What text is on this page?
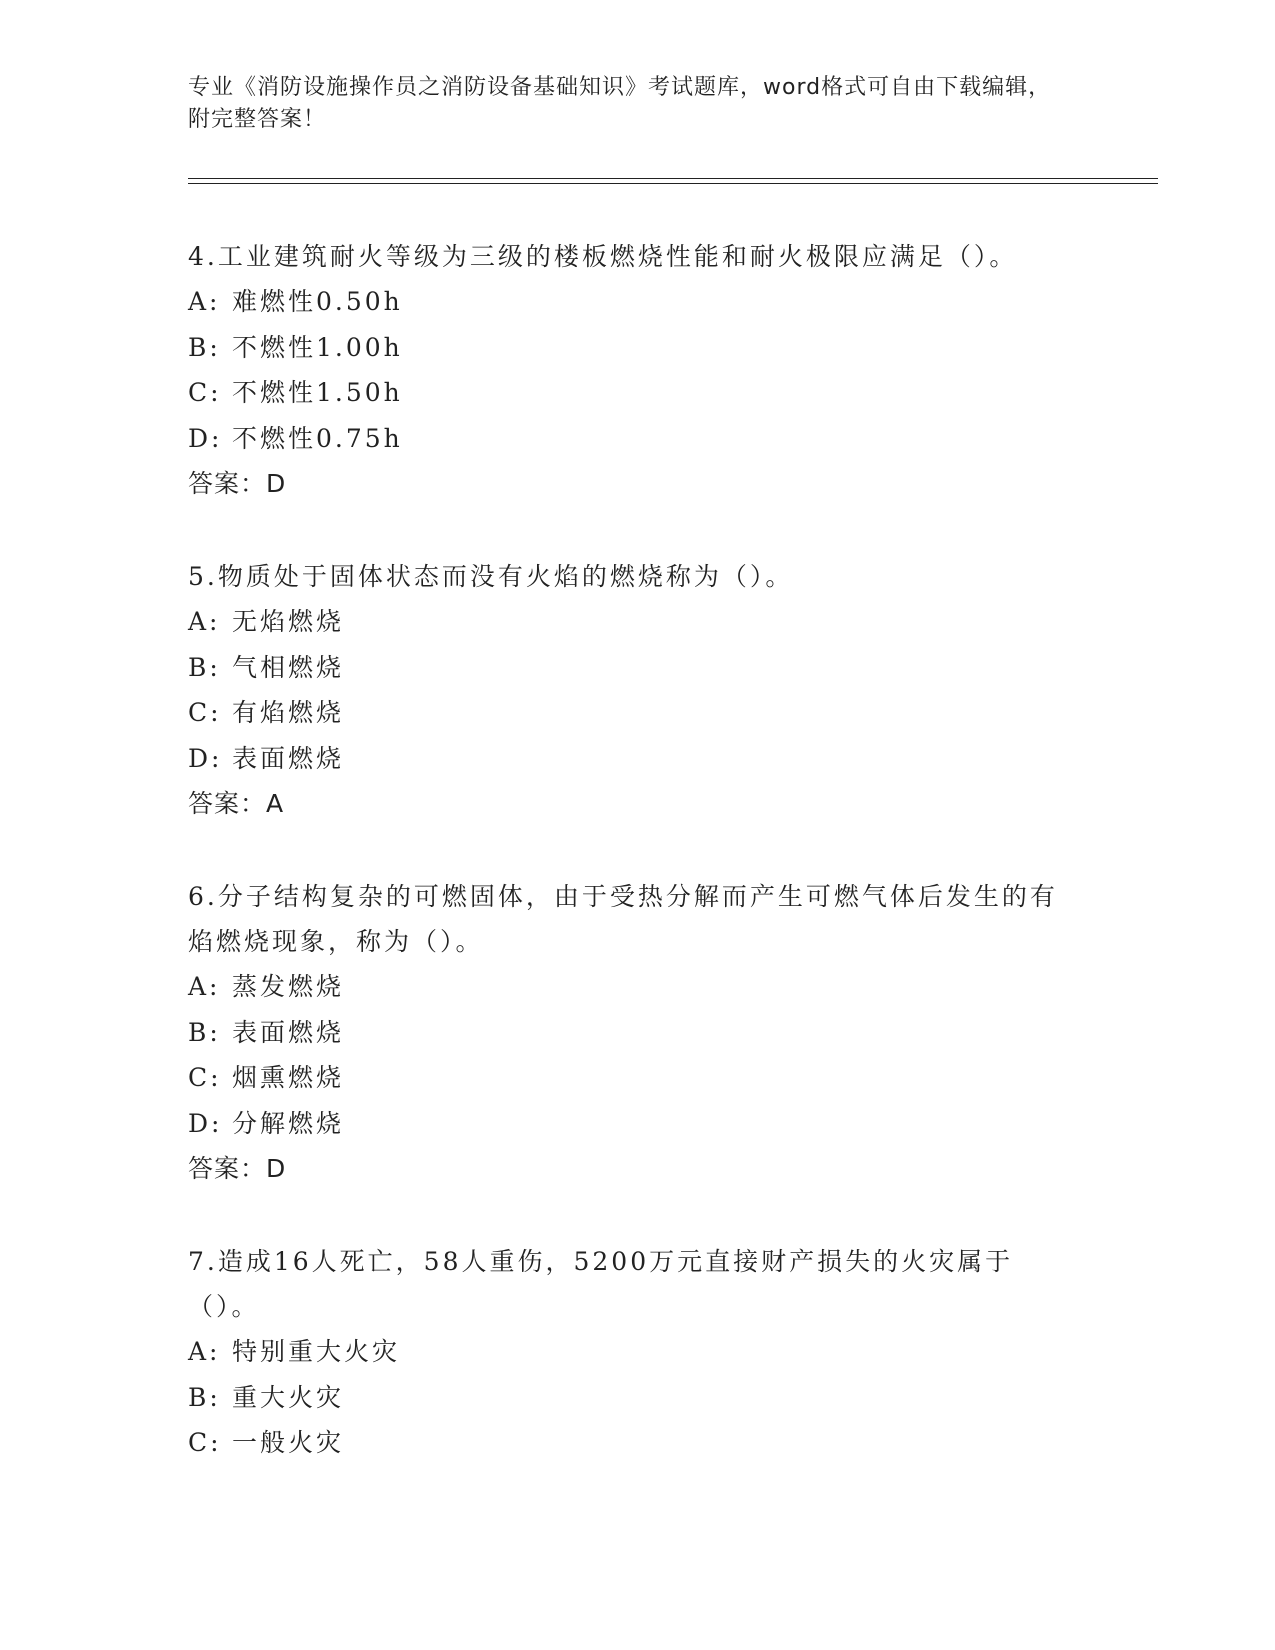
专业《消防设施操作员之消防设备基础知识》考试题库，word格式可自由下载编辑，附完整答案！

4.工业建筑耐火等级为三级的楼板燃烧性能和耐火极限应满足（）。

A: 难燃性0.50h
B: 不燃性1.00h
C: 不燃性1.50h
D: 不燃性0.75h
答案：D

5.物质处于固体状态而没有火焰的燃烧称为（）。

A: 无焰燃烧
B: 气相燃烧
C: 有焰燃烧
D: 表面燃烧
答案：A

6.分子结构复杂的可燃固体，由于受热分解而产生可燃气体后发生的有焰燃烧现象，称为（）。

A: 蒸发燃烧
B: 表面燃烧
C: 烟熏燃烧
D: 分解燃烧
答案：D

7.造成16人死亡，58人重伤，5200万元直接财产损失的火灾属于（）。

A: 特别重大火灾
B: 重大火灾
C: 一般火灾
